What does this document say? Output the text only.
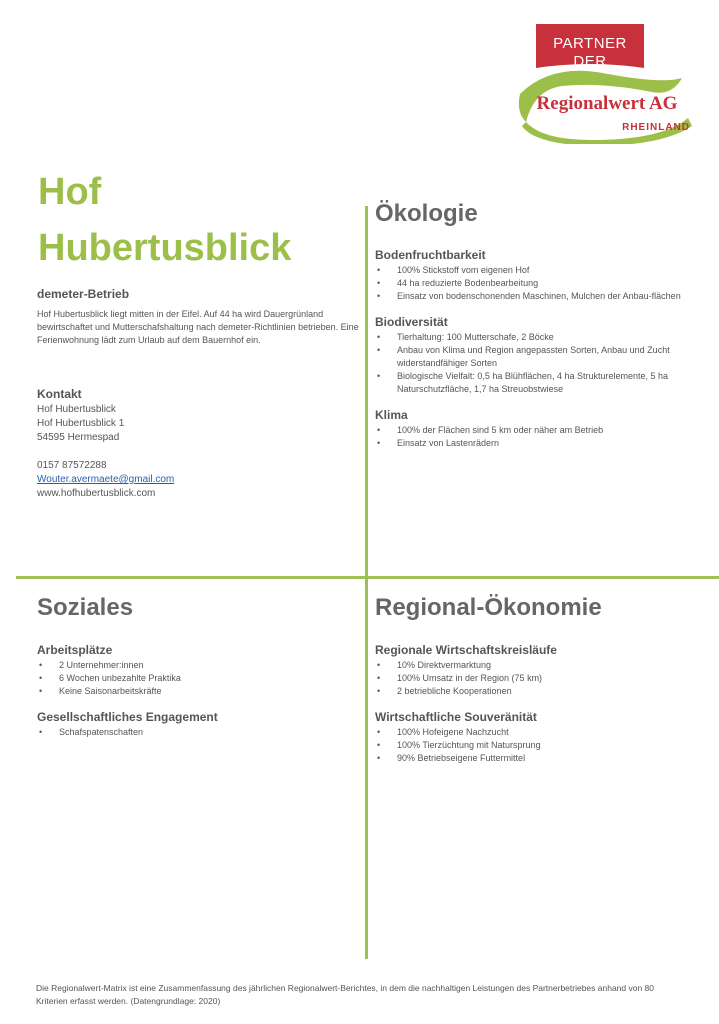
PARTNER
DER
Regionalwert AG
RHEINLAND
Hof
Hubertusblick
demeter-Betrieb
Hof Hubertusblick liegt mitten in der Eifel. Auf 44 ha wird Dauergrünland bewirtschaftet und Mutterschafshaltung nach demeter-Richtlinien betrieben. Eine Ferienwohnung lädt zum Urlaub auf dem Bauernhof ein.
Kontakt
Hof Hubertusblick
Hof Hubertusblick 1
54595 Hermespad
0157 87572288
Wouter.avermaete@gmail.com
www.hofhubertusblick.com
Ökologie
Bodenfruchtbarkeit
• 100% Stickstoff vom eigenen Hof
• 44 ha reduzierte Bodenbearbeitung
• Einsatz von bodenschonenden Maschinen, Mulchen der Anbau-flächen
Biodiversität
• Tierhaltung: 100 Mutterschafe, 2 Böcke
• Anbau von Klima und Region angepassten Sorten, Anbau und Zucht widerstandfähiger Sorten
• Biologische Vielfalt: 0,5 ha Blühflächen, 4 ha Strukturelemente, 5 ha Naturschutzfläche, 1,7 ha Streuobstwiese
Klima
• 100% der Flächen sind 5 km oder näher am Betrieb
• Einsatz von Lastenrädern
Soziales
Arbeitsplätze
• 2 Unternehmer:innen
• 6 Wochen unbezahlte Praktika
• Keine Saisonarbeitskräfte
Gesellschaftliches Engagement
• Schafspatenschaften
Regional-Ökonomie
Regionale Wirtschaftskreisläufe
• 10% Direktvermarktung
• 100% Umsatz in der Region (75 km)
• 2 betriebliche Kooperationen
Wirtschaftliche Souveränität
• 100% Hofeigene Nachzucht
• 100% Tierzüchtung mit Natursprung
• 90% Betriebseigene Futtermittel
Die Regionalwert-Matrix ist eine Zusammenfassung des jährlichen Regionalwert-Berichtes, in dem die nachhaltigen Leistungen des Partnerbetriebes anhand von 80 Kriterien erfasst werden. (Datengrundlage: 2020)
